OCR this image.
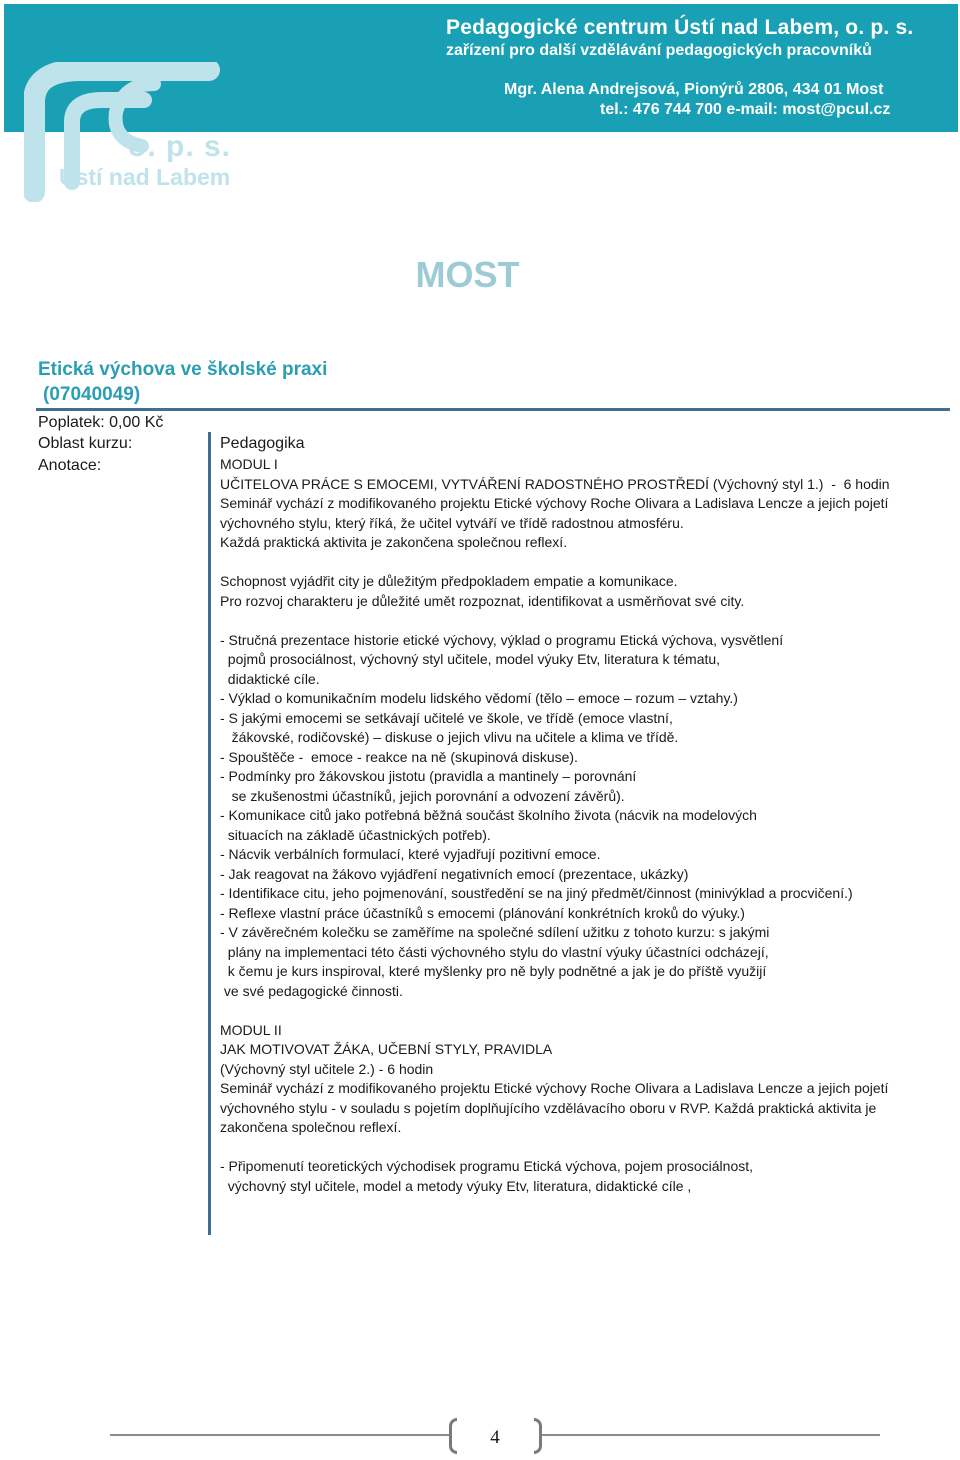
Pedagogické centrum Ústí nad Labem, o. p. s.
zařízení pro další vzdělávání pedagogických pracovníků
Mgr. Alena Andrejsová, Pionýrů 2806, 434 01 Most
tel.: 476 744 700 e-mail: most@pcul.cz
o. p. s.
Ústí nad Labem
MOST
Etická výchova ve školské praxi
(07040049)
Poplatek: 0,00 Kč
Oblast kurzu:
Anotace:
Pedagogika
MODUL I
UČITELOVA PRÁCE S EMOCEMI, VYTVÁŘENÍ RADOSTNÉHO PROSTŘEDÍ (Výchovný styl 1.)  -  6 hodin
Seminář vychází z modifikovaného projektu Etické výchovy Roche Olivara a Ladislava Lencze a jejich pojetí
výchovného stylu, který říká, že učitel vytváří ve třídě radostnou atmosféru.
Každá praktická aktivita je zakončena společnou reflexí.
Schopnost vyjádřit city je důležitým předpokladem empatie a komunikace.
Pro rozvoj charakteru je důležité umět rozpoznat, identifikovat a usměrňovat své city.
- Stručná prezentace historie etické výchovy, výklad o programu Etická výchova, vysvětlení
pojmů prosociálnost, výchovný styl učitele, model výuky Etv, literatura k tématu,
didaktické cíle.
- Výklad o komunikačním modelu lidského vědomí (tělo – emoce – rozum – vztahy.)
- S jakými emocemi se setkávají učitelé ve škole, ve třídě (emoce vlastní,
žákovské, rodičovské) – diskuse o jejich vlivu na učitele a klima ve třídě.
- Spouštěče -  emoce - reakce na ně (skupinová diskuse).
- Podmínky pro žákovskou jistotu (pravidla a mantinely – porovnání
se zkušenostmi účastníků, jejich porovnání a odvození závěrů).
- Komunikace citů jako potřebná běžná součást školního života (nácvik na modelových
situacích na základě účastnických potřeb).
- Nácvik verbálních formulací, které vyjadřují pozitivní emoce.
- Jak reagovat na žákovo vyjádření negativních emocí (prezentace, ukázky)
- Identifikace citu, jeho pojmenování, soustředění se na jiný předmět/činnost (minivýklad a procvičení.)
- Reflexe vlastní práce účastníků s emocemi (plánování konkrétních kroků do výuky.)
- V závěrečném kolečku se zaměříme na společné sdílení užitku z tohoto kurzu: s jakými
plány na implementaci této části výchovného stylu do vlastní výuky účastníci odcházejí,
k čemu je kurs inspiroval, které myšlenky pro ně byly podnětné a jak je do příště využijí
ve své pedagogické činnosti.
MODUL II
JAK MOTIVOVAT ŽÁKA, UČEBNÍ STYLY, PRAVIDLA
(Výchovný styl učitele 2.) - 6 hodin
Seminář vychází z modifikovaného projektu Etické výchovy Roche Olivara a Ladislava Lencze a jejich pojetí
výchovného stylu - v souladu s pojetím doplňujícího vzdělávacího oboru v RVP. Každá praktická aktivita je
zakončena společnou reflexí.
- Připomenutí teoretických východisek programu Etická výchova, pojem prosociálnost,
výchovný styl učitele, model a metody výuky Etv, literatura, didaktické cíle ,
4
